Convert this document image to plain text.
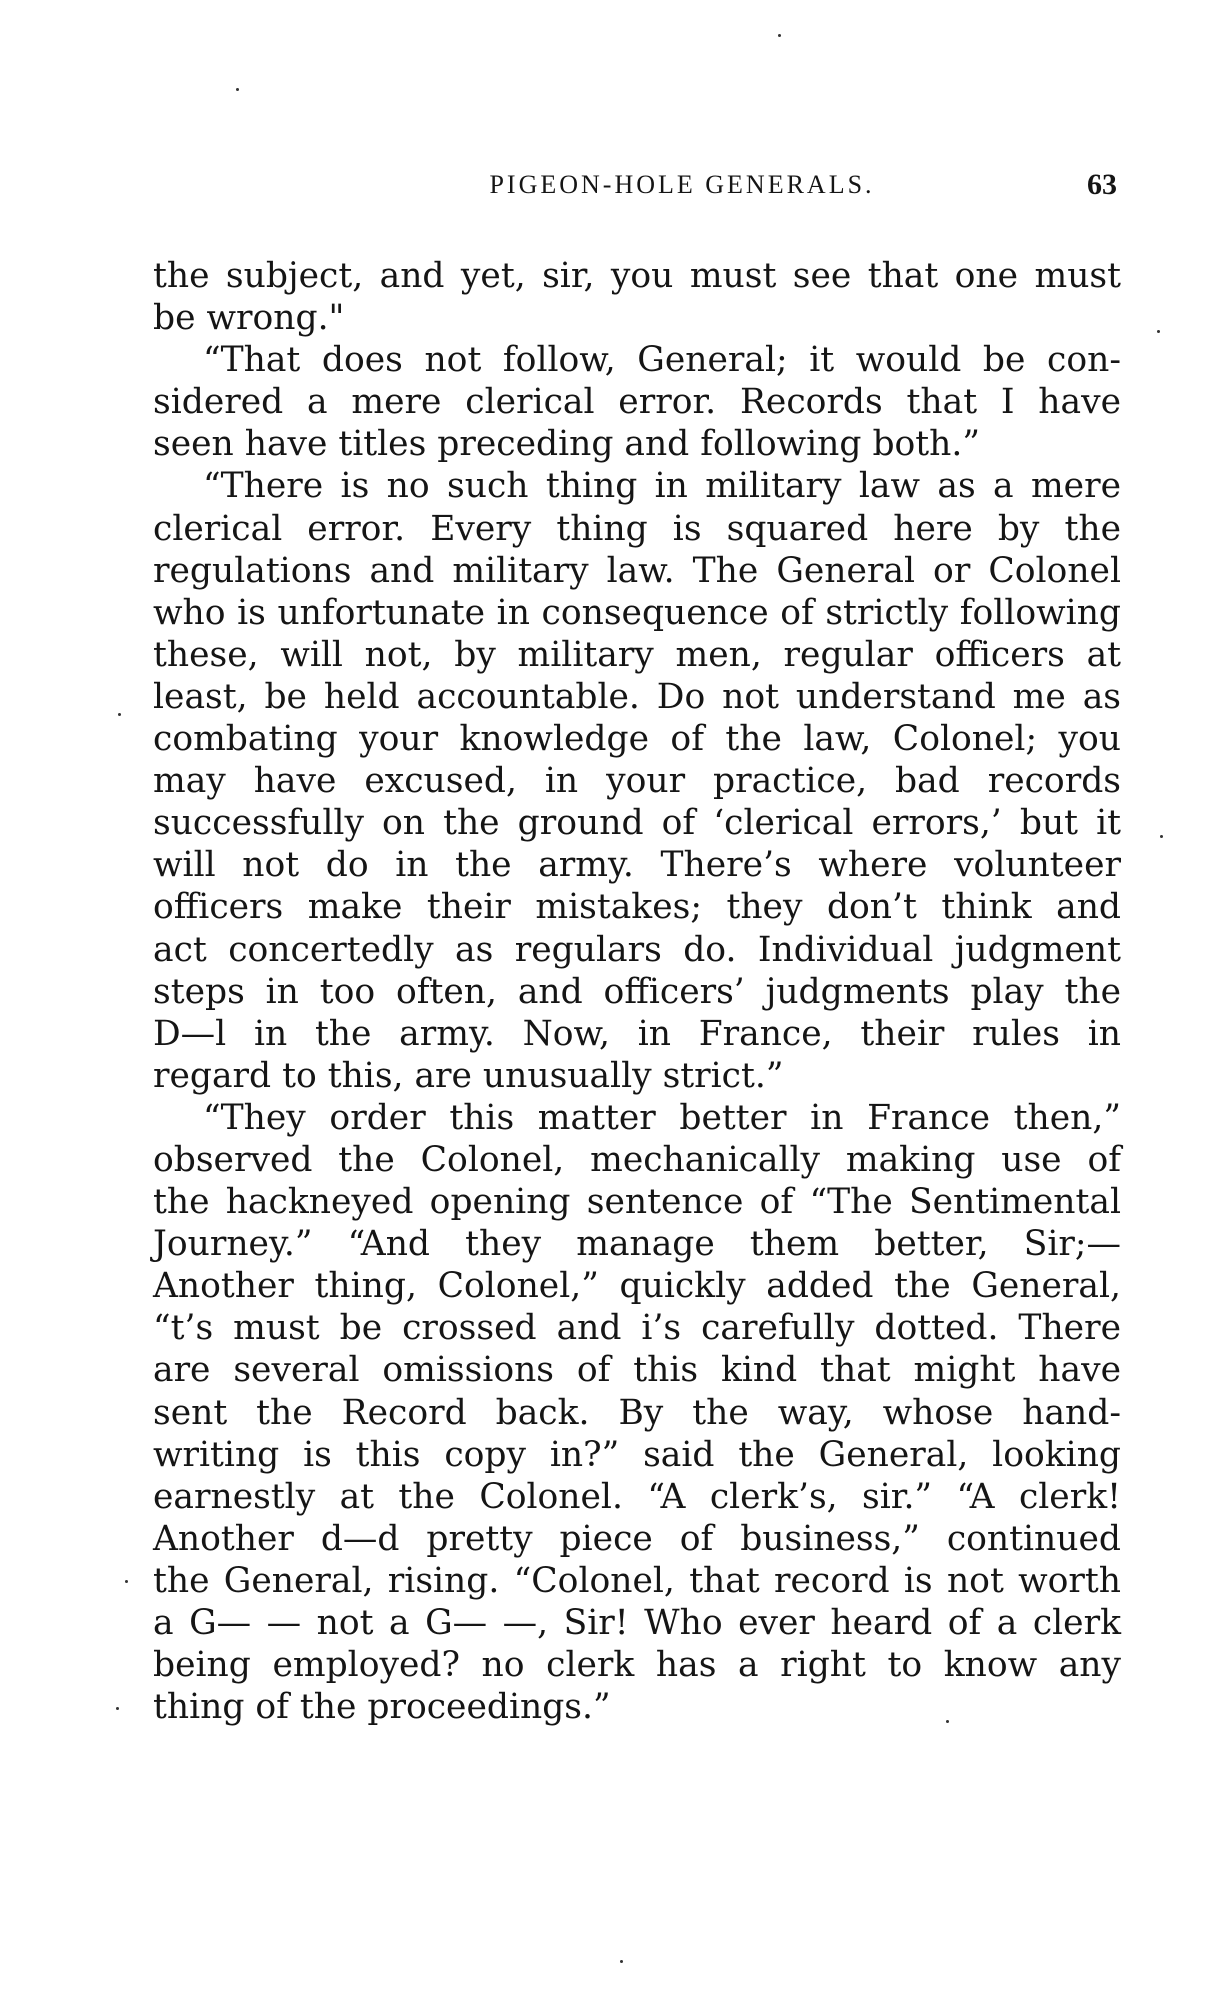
PIGEON-HOLE GENERALS.	63
the subject, and yet, sir, you must see that one must
be wrong."
“That does not follow, General; it would be con-
sidered a mere clerical error. Records that I have
seen have titles preceding and following both.”
“There is no such thing in military law as a mere
clerical error. Every thing is squared here by the
regulations and military law. The General or Colonel
who is unfortunate in consequence of strictly following
these, will not, by military men, regular officers at
least, be held accountable. Do not understand me as
combating your knowledge of the law, Colonel; you
may have excused, in your practice, bad records
successfully on the ground of ‘clerical errors,’ but it
will not do in the army. There’s where volunteer
officers make their mistakes; they don’t think and
act concertedly as regulars do. Individual judgment
steps in too often, and officers’ judgments play the
D—l in the army. Now, in France, their rules in
regard to this, are unusually strict.”
“They order this matter better in France then,”
observed the Colonel, mechanically making use of
the hackneyed opening sentence of “The Sentimental
Journey.” “And they manage them better, Sir;—
Another thing, Colonel,” quickly added the General,
“t’s must be crossed and i’s carefully dotted. There
are several omissions of this kind that might have
sent the Record back. By the way, whose hand-
writing is this copy in?” said the General, looking
earnestly at the Colonel. “A clerk’s, sir.” “A clerk!
Another d—d pretty piece of business,” continued
the General, rising. “Colonel, that record is not worth
a G— — not a G— —, Sir! Who ever heard of a clerk
being employed? no clerk has a right to know any
thing of the proceedings.”
